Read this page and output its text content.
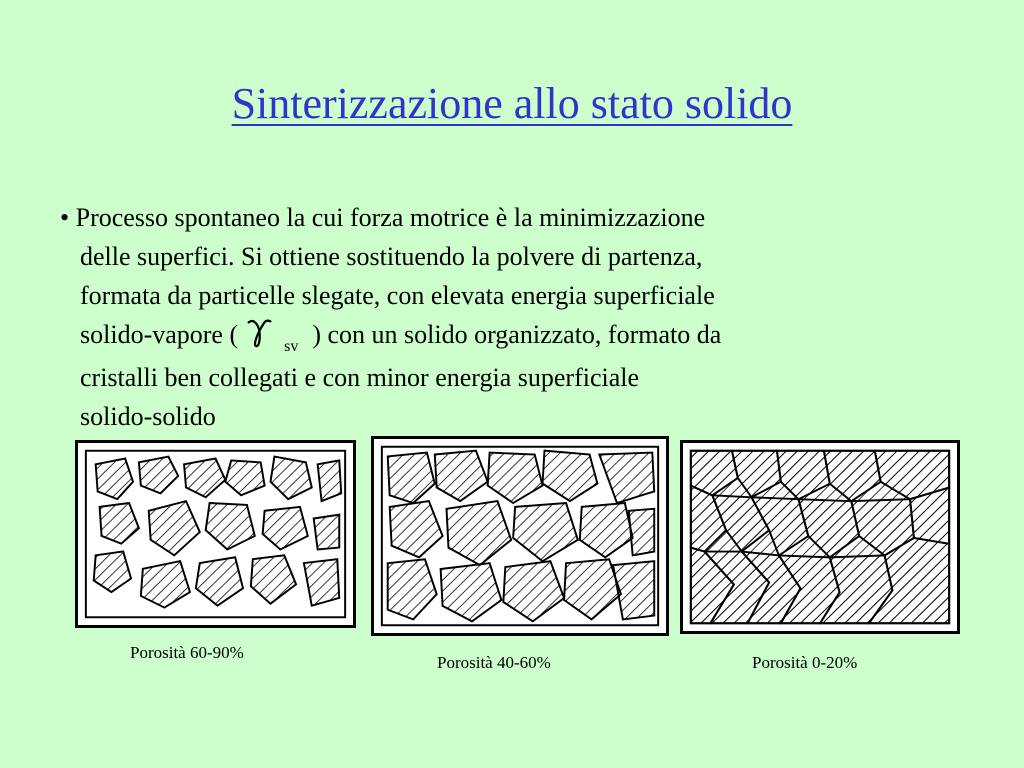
Sinterizzazione allo stato solido
• Processo spontaneo la cui forza motrice è la minimizzazione
delle superfici. Si ottiene sostituendo la polvere di partenza,
formata da particelle slegate, con elevata energia superficiale
solido-vapore (	$_{sv}$ ) con un solido organizzato, formato da
cristalli ben collegati e con minor energia superficiale
solido-solido
Porosità 60-90%
Porosità 40-60%	Porosità 0-20%
